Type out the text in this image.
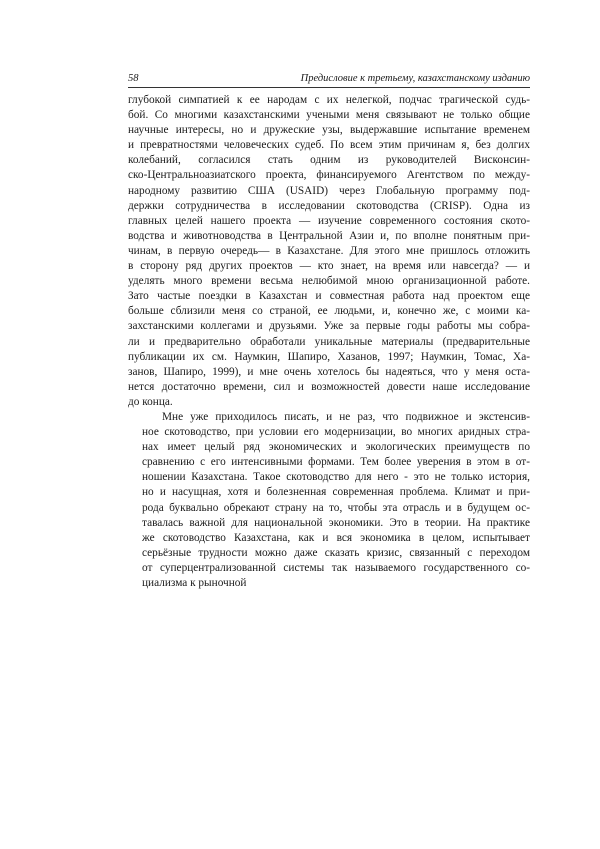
58	Предисловие к третьему, казахстанскому изданию

глубокой симпатией к ее народам с их нелегкой, подчас трагической судь-
бой. Со многими казахстанскими учеными меня связывают не только общие
научные интересы, но и дружеские узы, выдержавшие испытание временем
и превратностями человеческих судеб. По всем этим причинам я, без долгих
колебаний, согласился стать одним из руководителей Висконсин-
ско-Центральноазиатского проекта, финансируемого Агентством по между-
народному развитию США (USAID) через Глобальную программу под-
держки сотрудничества в исследовании скотоводства (CRISP). Одна из
главных целей нашего проекта — изучение современного состояния ското-
водства и животноводства в Центральной Азии и, по вполне понятным при-
чинам, в первую очередь— в Казахстане. Для этого мне пришлось отложить
в сторону ряд других проектов — кто знает, на время или навсегда? — и
уделять много времени весьма нелюбимой мною организационной работе.
Зато частые поездки в Казахстан и совместная работа над проектом еще
больше сблизили меня со страной, ее людьми, и, конечно же, с моими ка-
захстанскими коллегами и друзьями. Уже за первые годы работы мы собра-
ли и предварительно обработали уникальные материалы (предварительные
публикации их см. Наумкин, Шапиро, Хазанов, 1997; Наумкин, Томас, Ха-
занов, Шапиро, 1999), и мне очень хотелось бы надеяться, что у меня оста-
нется достаточно времени, сил и возможностей довести наше исследование
до конца.

Мне уже приходилось писать, и не раз, что подвижное и экстенсив-
ное скотоводство, при условии его модернизации, во многих аридных стра-
нах имеет целый ряд экономических и экологических преимуществ по
сравнению с его интенсивными формами. Тем более уверения в этом в от-
ношении Казахстана. Такое скотоводство для него - это не только история,
но и насущная, хотя и болезненная современная проблема. Климат и при-
рода буквально обрекают страну на то, чтобы эта отрасль и в будущем ос-
тавалась важной для национальной экономики. Это в теории. На практике
же скотоводство Казахстана, как и вся экономика в целом, испытывает
серьёзные трудности можно даже сказать кризис, связанный с переходом
от суперцентрализованной системы так называемого государственного со-
циализма к рыночной
